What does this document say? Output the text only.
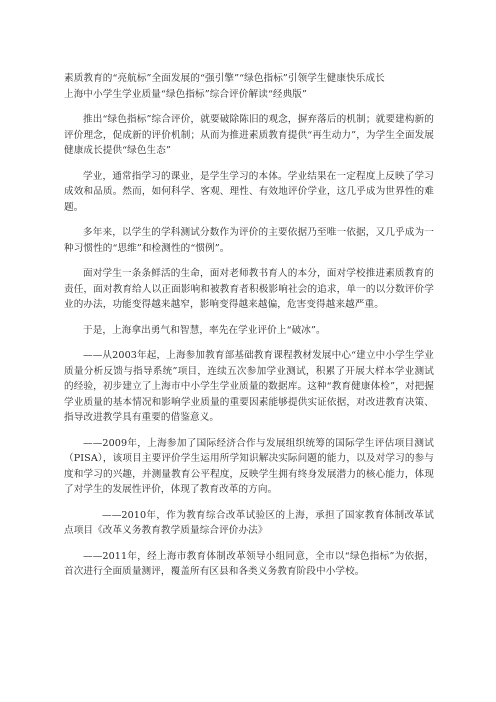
素质教育的“亮航标”全面发展的“强引擎”“绿色指标”引领学生健康快乐成长

上海中小学生学业质量“绿色指标”综合评价解读“经典版”

推出“绿色指标”综合评价，就要破除陈旧的观念，摒弃落后的机制；就要建构新的评价理念，促成新的评价机制；从而为推进素质教育提供“再生动力”，为学生全面发展健康成长提供“绿色生态”

学业，通常指学习的课业，是学生学习的本体。学业结果在一定程度上反映了学习成效和品质。然而，如何科学、客观、理性、有效地评价学业，这几乎成为世界性的难题。

多年来，以学生的学科测试分数作为评价的主要依据乃至唯一依据，又几乎成为一种习惯性的“思维”和检测性的“惯例”。

面对学生一条条鲜活的生命，面对老师教书育人的本分，面对学校推进素质教育的责任，面对教育给人以正面影响和被教育者积极影响社会的追求，单一的以分数评价学业的办法，功能变得越来越窄，影响变得越来越偏，危害变得越来越严重。

于是，上海拿出勇气和智慧，率先在学业评价上“破冰”。

——从2003年起，上海参加教育部基础教育课程教材发展中心“建立中小学生学业质量分析反馈与指导系统”项目，连续五次参加学业测试，积累了开展大样本学业测试的经验，初步建立了上海市中小学生学业质量的数据库。这种“教育健康体检”，对把握学业质量的基本情况和影响学业质量的重要因素能够提供实证依据，对改进教育决策、指导改进教学具有重要的借鉴意义。

——2009年，上海参加了国际经济合作与发展组织统筹的国际学生评估项目测试（PISA），该项目主要评价学生运用所学知识解决实际问题的能力，以及对学习的参与度和学习的兴趣，并测量教育公平程度，反映学生拥有终身发展潜力的核心能力，体现了对学生的发展性评价，体现了教育改革的方向。

——2010年，作为教育综合改革试验区的上海，承担了国家教育体制改革试点项目《改革义务教育教学质量综合评价办法》

——2011年，经上海市教育体制改革领导小组同意，全市以“绿色指标”为依据，首次进行全面质量测评，覆盖所有区县和各类义务教育阶段中小学校。
